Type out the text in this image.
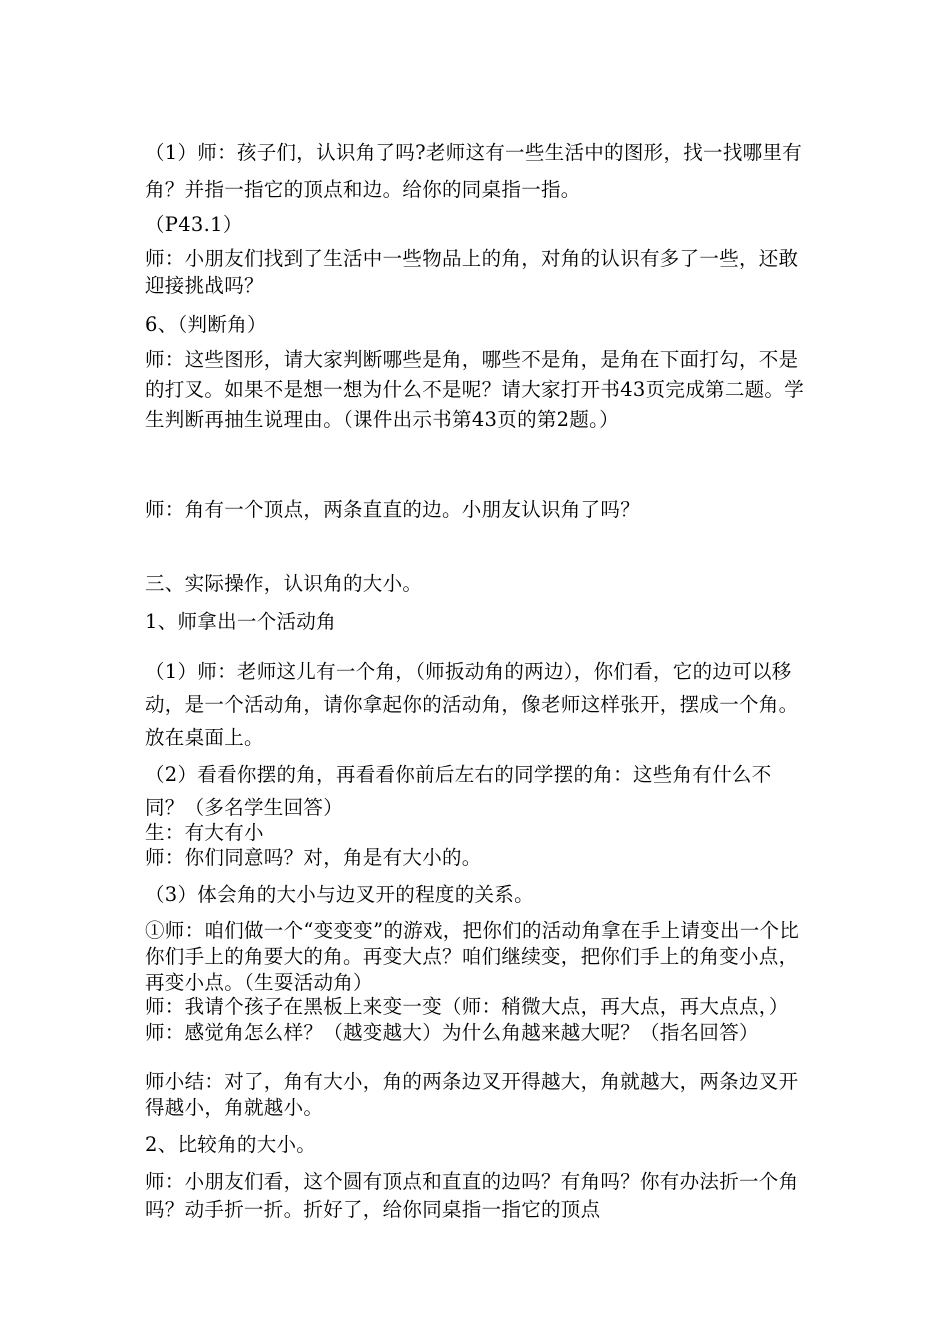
（1）师：孩子们，认识角了吗?老师这有一些生活中的图形，找一找哪里有角？并指一指它的顶点和边。给你的同桌指一指。

（P43.1）

师：小朋友们找到了生活中一些物品上的角，对角的认识有多了一些，还敢迎接挑战吗？

6、（判断角）

师：这些图形，请大家判断哪些是角，哪些不是角，是角在下面打勾，不是的打叉。如果不是想一想为什么不是呢？请大家打开书43页完成第二题。学生判断再抽生说理由。（课件出示书第43页的第2题。）

师：角有一个顶点，两条直直的边。小朋友认识角了吗？

三、实际操作，认识角的大小。

1、师拿出一个活动角

（1）师：老师这儿有一个角，（师扳动角的两边），你们看，它的边可以移动，是一个活动角，请你拿起你的活动角，像老师这样张开，摆成一个角。放在桌面上。

（2）看看你摆的角，再看看你前后左右的同学摆的角：这些角有什么不同？（多名学生回答）

生：有大有小

师：你们同意吗？对，角是有大小的。

（3）体会角的大小与边叉开的程度的关系。

①师：咱们做一个“变变变”的游戏，把你们的活动角拿在手上请变出一个比你们手上的角要大的角。再变大点？咱们继续变，把你们手上的角变小点，再变小点。（生耍活动角）

师：我请个孩子在黑板上来变一变（师：稍微大点，再大点，再大点点，）师：感觉角怎么样？（越变越大）为什么角越来越大呢？（指名回答）

师小结：对了，角有大小，角的两条边叉开得越大，角就越大，两条边叉开得越小，角就越小。

2、比较角的大小。

师：小朋友们看，这个圆有顶点和直直的边吗？有角吗？你有办法折一个角吗？动手折一折。折好了，给你同桌指一指它的顶点
